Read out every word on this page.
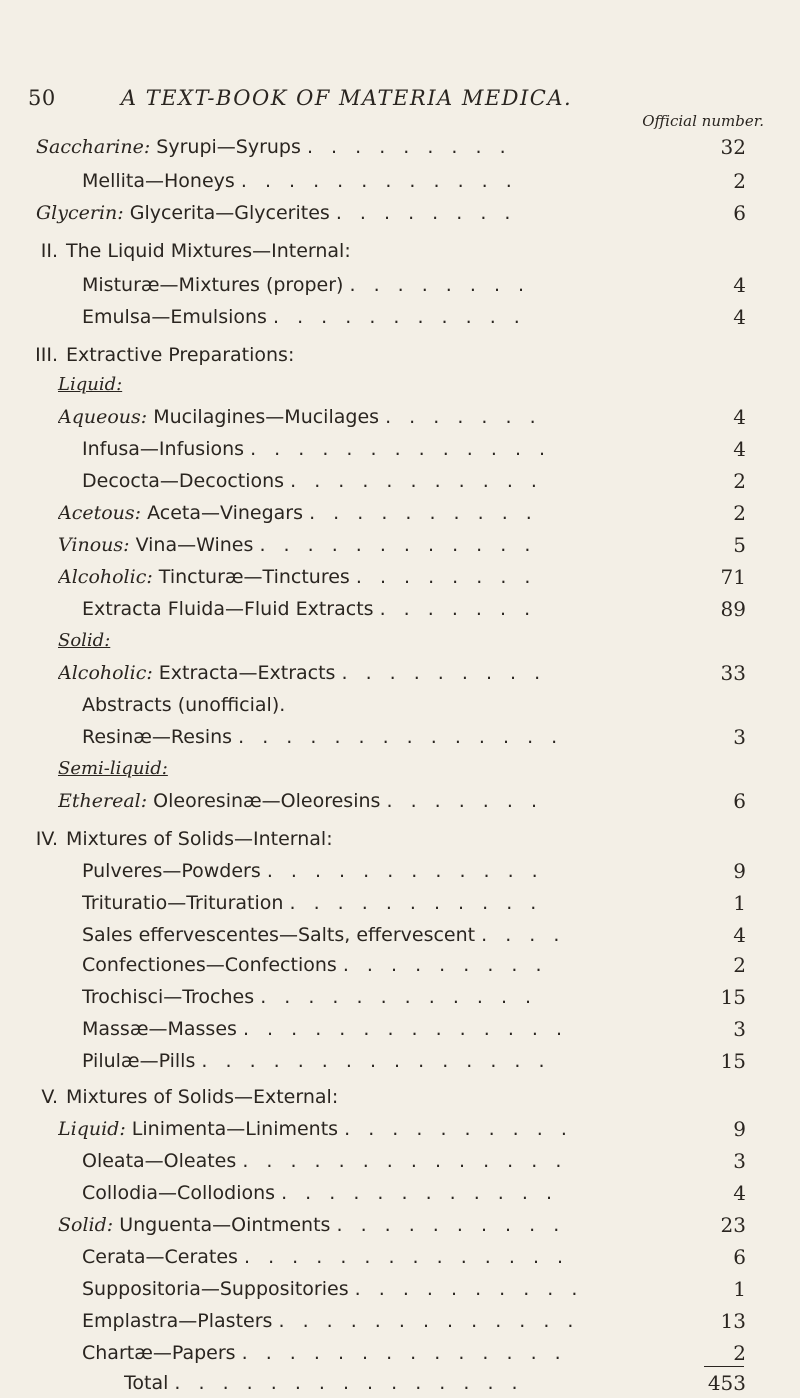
50	A TEXT-BOOK OF MATERIA MEDICA.
Official number.
Saccharine: Syrupi—Syrups . . . . . . . . .	32
Mellita—Honeys . . . . . . . . . . . .	2
Glycerin: Glycerita—Glycerites . . . . . . . .	6
II. The Liquid Mixtures—Internal:
Misturæ—Mixtures (proper) . . . . . . . .	4
Emulsa—Emulsions . . . . . . . . . . .	4
III. Extractive Preparations:
Liquid:
Aqueous: Mucilagines—Mucilages . . . . . . .	4
Infusa—Infusions . . . . . . . . . . . . .	4
Decocta—Decoctions . . . . . . . . . . .	2
Acetous: Aceta—Vinegars . . . . . . . . . .	2
Vinous: Vina—Wines . . . . . . . . . . . .	5
Alcoholic: Tincturæ—Tinctures . . . . . . . .	71
Extracta Fluida—Fluid Extracts . . . . . . .	89
Solid:
Alcoholic: Extracta—Extracts . . . . . . . . .	33
Abstracts (unofficial).
Resinæ—Resins . . . . . . . . . . . . . .	3
Semi-liquid:
Ethereal: Oleoresinæ—Oleoresins . . . . . . .	6
IV. Mixtures of Solids—Internal:
Pulveres—Powders . . . . . . . . . . . .	9
Trituratio—Trituration . . . . . . . . . . .	1
Sales effervescentes—Salts, effervescent . . . .	4
Confectiones—Confections . . . . . . . . .	2
Trochisci—Troches . . . . . . . . . . . .	15
Massæ—Masses . . . . . . . . . . . . . .	3
Pilulæ—Pills . . . . . . . . . . . . . . .	15
V. Mixtures of Solids—External:
Liquid: Linimenta—Liniments . . . . . . . . . .	9
Oleata—Oleates . . . . . . . . . . . . . .	3
Collodia—Collodions . . . . . . . . . . . .	4
Solid: Unguenta—Ointments . . . . . . . . . .	23
Cerata—Cerates . . . . . . . . . . . . . .	6
Suppositoria—Suppositories . . . . . . . . . .	1
Emplastra—Plasters . . . . . . . . . . . . .	13
Chartæ—Papers . . . . . . . . . . . . . .	2
Total . . . . . . . . . . . . . . .	453
